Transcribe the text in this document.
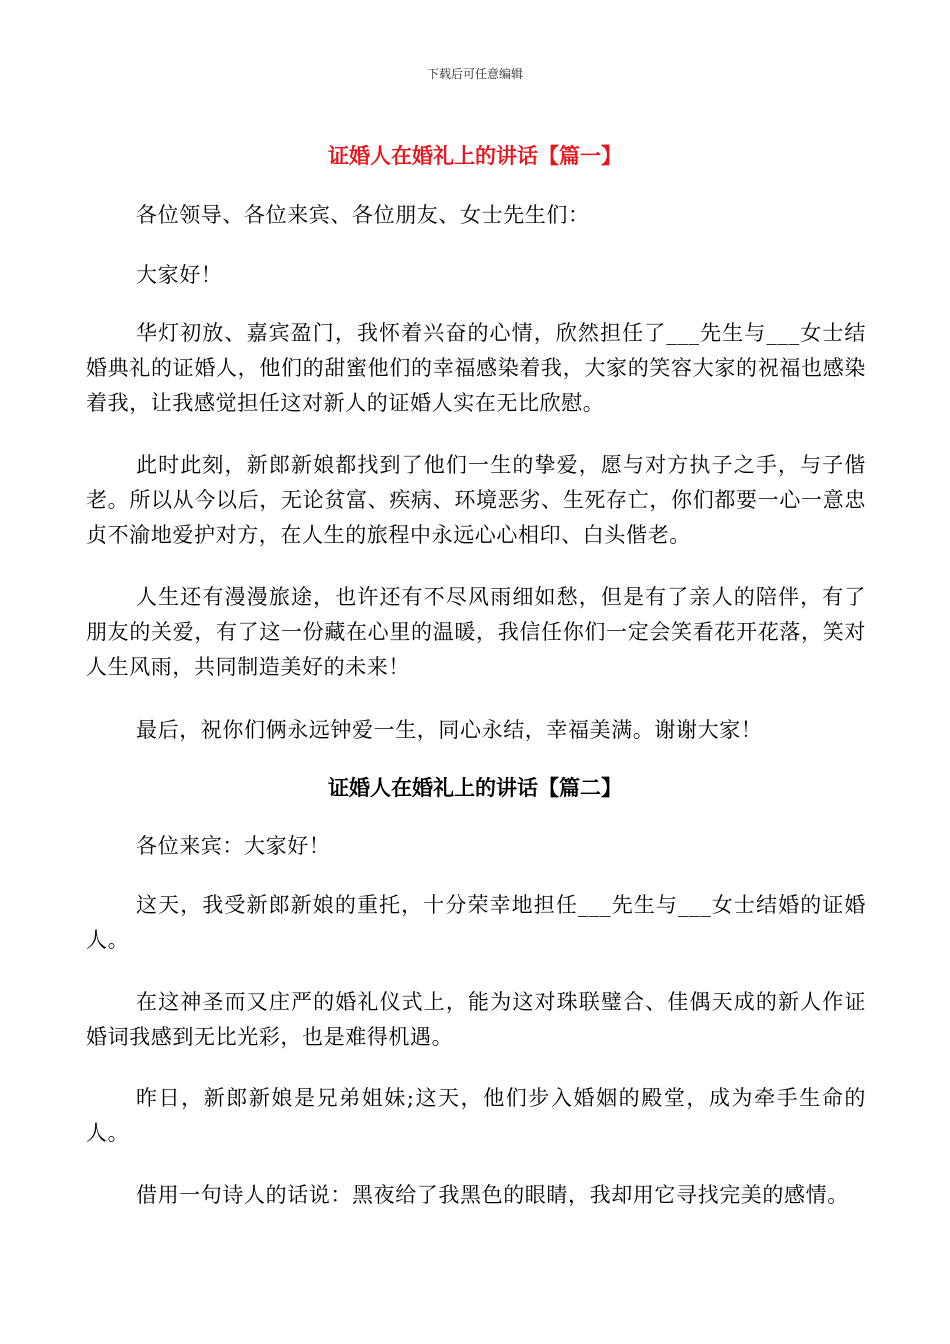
下载后可任意编辑
证婚人在婚礼上的讲话【篇一】

各位领导、各位来宾、各位朋友、女士先生们：

大家好！

华灯初放、嘉宾盈门，我怀着兴奋的心情，欣然担任了___先生与___女士结婚典礼的证婚人，他们的甜蜜他们的幸福感染着我，大家的笑容大家的祝福也感染着我，让我感觉担任这对新人的证婚人实在无比欣慰。

此时此刻，新郎新娘都找到了他们一生的挚爱，愿与对方执子之手，与子偕老。所以从今以后，无论贫富、疾病、环境恶劣、生死存亡，你们都要一心一意忠贞不渝地爱护对方，在人生的旅程中永远心心相印、白头偕老。

人生还有漫漫旅途，也许还有不尽风雨细如愁，但是有了亲人的陪伴，有了朋友的关爱，有了这一份藏在心里的温暖，我信任你们一定会笑看花开花落，笑对人生风雨，共同制造美好的未来！

最后，祝你们俩永远钟爱一生，同心永结，幸福美满。谢谢大家！

证婚人在婚礼上的讲话【篇二】

各位来宾：大家好！

这天，我受新郎新娘的重托，十分荣幸地担任___先生与___女士结婚的证婚人。

在这神圣而又庄严的婚礼仪式上，能为这对珠联璧合、佳偶天成的新人作证婚词我感到无比光彩，也是难得机遇。

昨日，新郎新娘是兄弟姐妹;这天，他们步入婚姻的殿堂，成为牵手生命的人。

借用一句诗人的话说：黑夜给了我黑色的眼睛，我却用它寻找完美的感情。
